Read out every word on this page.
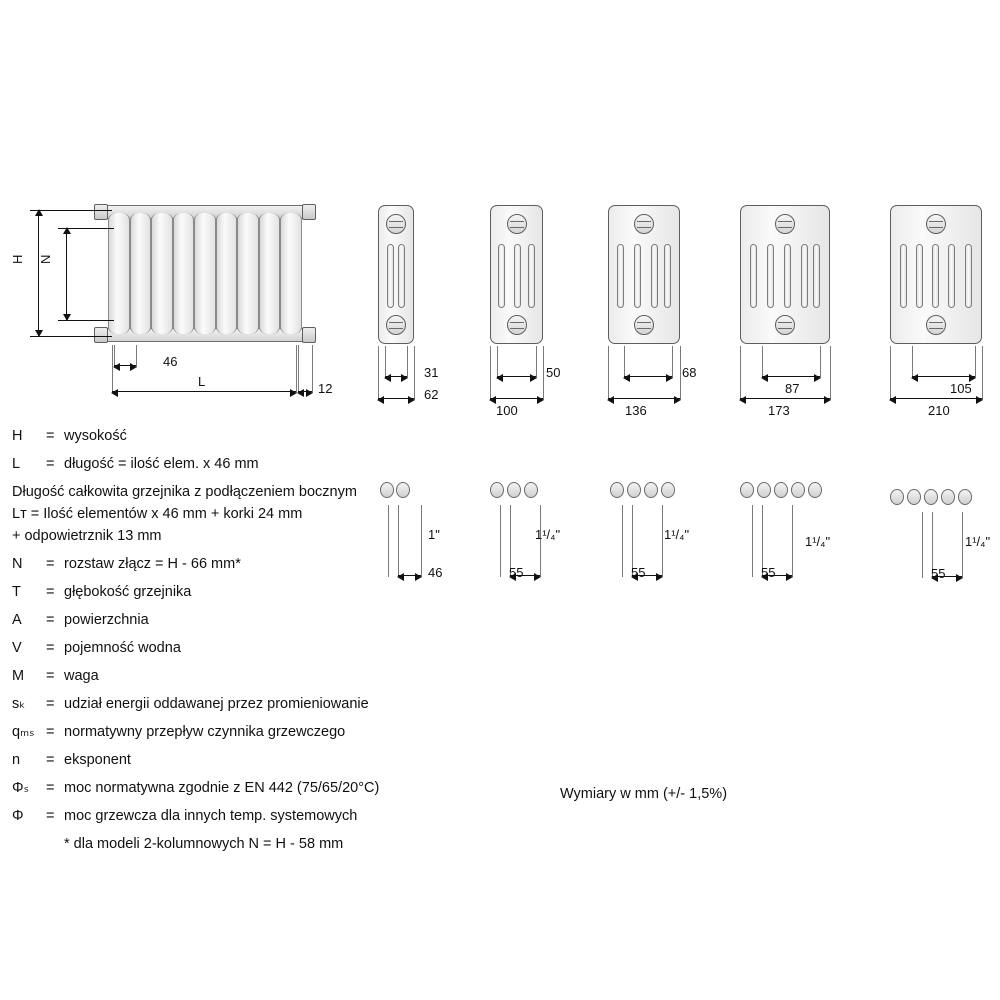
H N
46
L	12
31
62
50
100
68
136
87
173
105
210
1"
46
1¹/₄"
55
1¹/₄"
55
1¹/₄"
55
1¹/₄"
55
H	= wysokość
L	= długość = ilość elem. x 46 mm
Długość całkowita grzejnika z podłączeniem bocznym
Lᴛ = Ilość elementów x 46 mm + korki 24 mm
+ odpowietrznik 13 mm
N	= rozstaw złącz = H - 66 mm*
T	= głębokość grzejnika
A	= powierzchnia
V	= pojemność wodna
M	= waga
sₖ	= udział energii oddawanej przez promieniowanie
qₘₛ = normatywny przepływ czynnika grzewczego
n	= eksponent
Φₛ	= moc normatywna zgodnie z EN 442 (75/65/20°C)
Φ	= moc grzewcza dla innych temp. systemowych
* dla modeli 2-kolumnowych N = H - 58 mm
Wymiary w mm (+/- 1,5%)
